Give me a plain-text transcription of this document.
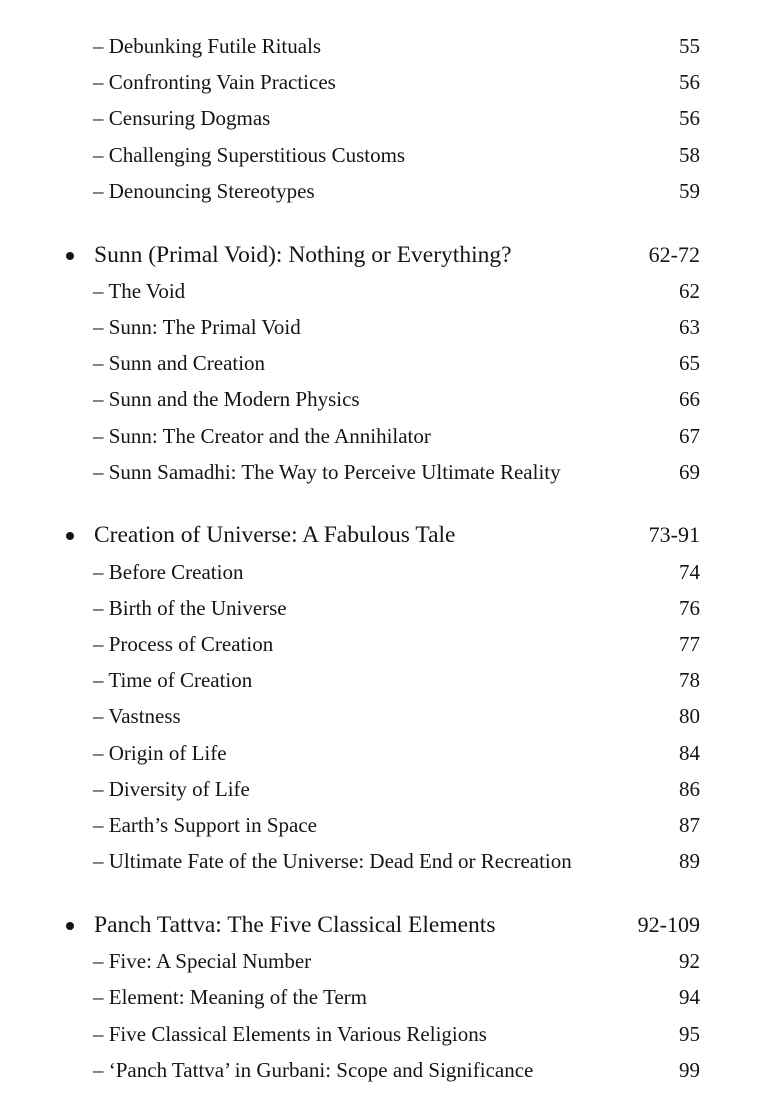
– Debunking Futile Rituals	55
– Confronting Vain Practices	56
– Censuring Dogmas	56
– Challenging Superstitious Customs	58
– Denouncing Stereotypes	59
Sunn (Primal Void): Nothing or Everything?	62-72
– The Void	62
– Sunn: The Primal Void	63
– Sunn and Creation	65
– Sunn and the Modern Physics	66
– Sunn: The Creator and the Annihilator	67
– Sunn Samadhi: The Way to Perceive Ultimate Reality	69
Creation of Universe: A Fabulous Tale	73-91
– Before Creation	74
– Birth of the Universe	76
– Process of Creation	77
– Time of Creation	78
– Vastness	80
– Origin of Life	84
– Diversity of Life	86
– Earth’s Support in Space	87
– Ultimate Fate of the Universe: Dead End or Recreation	89
Panch Tattva: The Five Classical Elements	92-109
– Five: A Special Number	92
– Element: Meaning of the Term	94
– Five Classical Elements in Various Religions	95
– ‘Panch Tattva’ in Gurbani: Scope and Significance	99
